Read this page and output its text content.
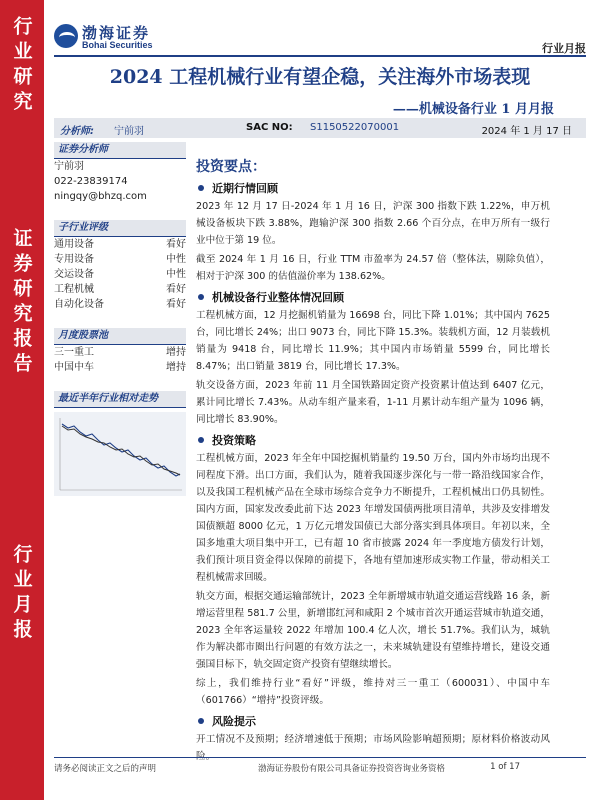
行业研究
证券研究报告
行业月报
渤海证券
Bohai Securities	行业月报
2024 工程机械行业有望企稳，关注海外市场表现
——机械设备行业 1 月月报
分析师: 宁前羽	SAC NO: S1150522070001	2024 年 1 月 17 日
证券分析师
宁前羽
022-23839174
ningqy@bhzq.com
子行业评级
通用设备	看好
专用设备	中性
交运设备	中性
工程机械	看好
自动化设备	看好
月度股票池
三一重工	增持
中国中车	增持
最近半年行业相对走势
投资要点：
近期行情回顾
2023 年 12 月 17 日-2024 年 1 月 16 日，沪深 300 指数下跌 1.22%，申万机械设备板块下跌 3.88%，跑输沪深 300 指数 2.66 个百分点，在申万所有一级行业中位于第 19 位。
截至 2024 年 1 月 16 日，行业 TTM 市盈率为 24.57 倍（整体法，剔除负值），相对于沪深 300 的估值溢价率为 138.62%。
机械设备行业整体情况回顾
工程机械方面，12 月挖掘机销量为 16698 台，同比下降 1.01%；其中国内 7625 台，同比增长 24%；出口 9073 台，同比下降 15.3%。装载机方面，12 月装载机销量为 9418 台，同比增长 11.9%；其中国内市场销量 5599 台，同比增长 8.47%；出口销量 3819 台，同比增长 17.3%。
轨交设备方面，2023 年前 11 月全国铁路固定资产投资累计值达到 6407 亿元，累计同比增长 7.43%。从动车组产量来看，1-11 月累计动车组产量为 1096 辆，同比增长 83.90%。
投资策略
工程机械方面，2023 年全年中国挖掘机销量约 19.50 万台，国内外市场均出现不同程度下滑。出口方面，我们认为，随着我国逐步深化与一带一路沿线国家合作，以及我国工程机械产品在全球市场综合竞争力不断提升，工程机械出口仍具韧性。国内方面，国家发改委此前下达 2023 年增发国债两批项目清单，共涉及安排增发国债额超 8000 亿元，1 万亿元增发国债已大部分落实到具体项目。年初以来，全国多地重大项目集中开工，已有超 10 省市披露 2024 年一季度地方债发行计划，我们预计项目资金得以保障的前提下，各地有望加速形成实物工作量，带动相关工程机械需求回暖。
轨交方面，根据交通运输部统计，2023 全年新增城市轨道交通运营线路 16 条，新增运营里程 581.7 公里，新增邯红河和咸阳 2 个城市首次开通运营城市轨道交通，2023 全年客运量较 2022 年增加 100.4 亿人次，增长 51.7%。我们认为，城轨作为解决都市圈出行问题的有效方法之一，未来城轨建设有望维持增长，建设交通强国目标下，轨交固定资产投资有望继续增长。
综上，我们维持行业“看好”评级，维持对三一重工（600031）、中国中车（601766）“增持”投资评级。
风险提示
开工情况不及预期；经济增速低于预期；市场风险影响超预期；原材料价格波动风险。
请务必阅读正文之后的声明	渤海证券股份有限公司具备证券投资咨询业务资格	1 of 17
